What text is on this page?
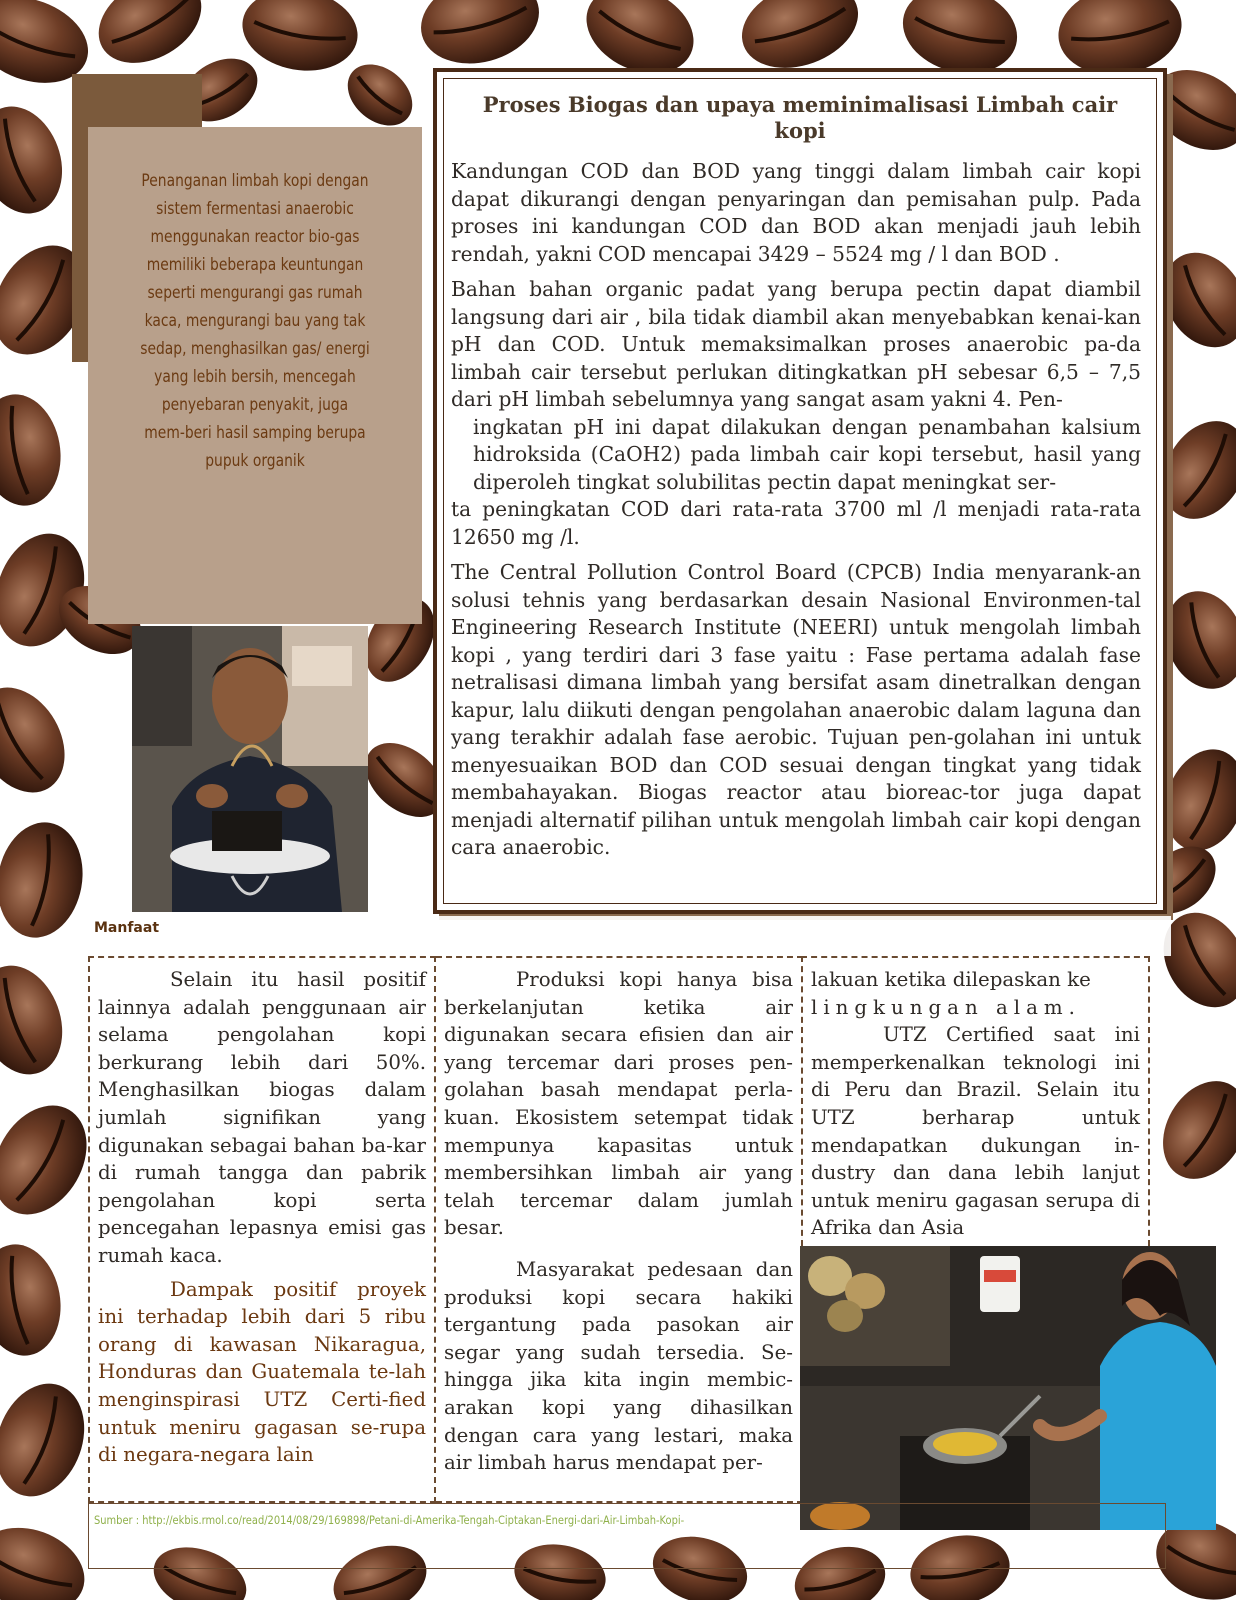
Penanganan limbah kopi dengan sistem fermentasi anaerobic menggunakan reactor bio-gas memiliki beberapa keuntungan seperti mengurangi gas rumah kaca, mengurangi bau yang tak sedap, menghasilkan gas/ energi yang lebih bersih, mencegah penyebaran penyakit, juga mem-beri hasil samping berupa pupuk organik
Proses Biogas dan upaya meminimalisasi Limbah cair kopi

Kandungan COD dan BOD yang tinggi dalam limbah cair kopi dapat dikurangi dengan penyaringan dan pemisahan pulp. Pada proses ini kandungan COD dan BOD akan menjadi jauh lebih rendah, yakni COD mencapai 3429 – 5524 mg / l dan BOD .

Bahan bahan organic padat yang berupa pectin dapat diambil langsung dari air , bila tidak diambil akan menyebabkan kenai-kan pH dan COD. Untuk memaksimalkan proses anaerobic pa-da limbah cair tersebut perlukan ditingkatkan pH sebesar 6,5 – 7,5 dari pH limbah sebelumnya yang sangat asam yakni 4. Pen-

ingkatan pH ini dapat dilakukan dengan penambahan kalsium hidroksida (CaOH2) pada limbah cair kopi tersebut, hasil yang diperoleh tingkat solubilitas pectin dapat meningkat ser-

ta peningkatan COD dari rata-rata 3700 ml /l menjadi rata-rata 12650 mg /l.

The Central Pollution Control Board (CPCB) India menyarank-an solusi tehnis yang berdasarkan desain Nasional Environmen-tal Engineering Research Institute (NEERI) untuk mengolah limbah kopi , yang terdiri dari 3 fase yaitu : Fase pertama adalah fase netralisasi dimana limbah yang bersifat asam dinetralkan dengan kapur, lalu diikuti dengan pengolahan anaerobic dalam laguna dan yang terakhir adalah fase aerobic. Tujuan pen-golahan ini untuk menyesuaikan BOD dan COD sesuai dengan tingkat yang tidak membahayakan. Biogas reactor atau bioreac-tor juga dapat menjadi alternatif pilihan untuk mengolah limbah cair kopi dengan cara anaerobic.

Manfaat

Selain itu hasil positif lainnya adalah penggunaan air selama pengolahan kopi berkurang lebih dari 50%. Menghasilkan biogas dalam jumlah signifikan yang digunakan sebagai bahan ba-kar di rumah tangga dan pabrik pengolahan kopi serta pencegahan lepasnya emisi gas rumah kaca.

Dampak positif proyek ini terhadap lebih dari 5 ribu orang di kawasan Nikaragua, Honduras dan Guatemala te-lah menginspirasi UTZ Certi-fied untuk meniru gagasan se-rupa di negara-negara lain

Produksi kopi hanya bisa berkelanjutan ketika air digunakan secara efisien dan air yang tercemar dari proses pen-golahan basah mendapat perla-kuan. Ekosistem setempat tidak mempunya kapasitas untuk membersihkan limbah air yang telah tercemar dalam jumlah besar.

Masyarakat pedesaan dan produksi kopi secara hakiki tergantung pada pasokan air segar yang sudah tersedia. Se-hingga jika kita ingin membic-arakan kopi yang dihasilkan dengan cara yang lestari, maka air limbah harus mendapat per-

lakuan ketika dilepaskan ke

lingkungan alam.

UTZ Certified saat ini memperkenalkan teknologi ini di Peru dan Brazil. Selain itu UTZ berharap untuk mendapatkan dukungan in-dustry dan dana lebih lanjut untuk meniru gagasan serupa di Afrika dan Asia

Sumber : http://ekbis.rmol.co/read/2014/08/29/169898/Petani-di-Amerika-Tengah-Ciptakan-Energi-dari-Air-Limbah-Kopi-
